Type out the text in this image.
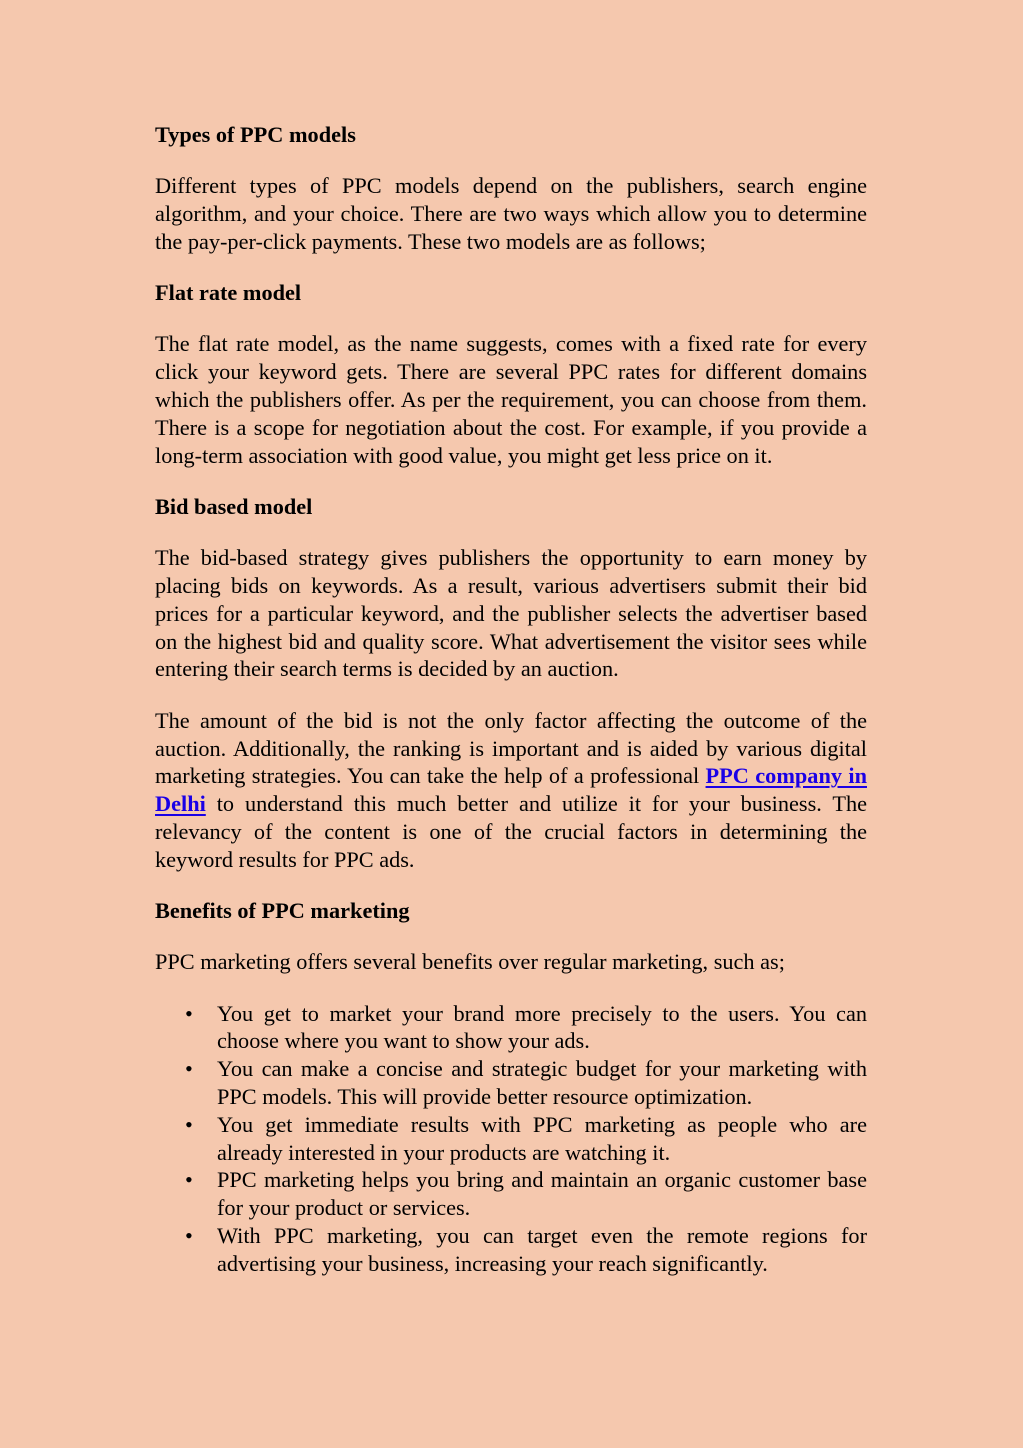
Types of PPC models
Different types of PPC models depend on the publishers, search engine algorithm, and your choice. There are two ways which allow you to determine the pay-per-click payments. These two models are as follows;
Flat rate model
The flat rate model, as the name suggests, comes with a fixed rate for every click your keyword gets. There are several PPC rates for different domains which the publishers offer. As per the requirement, you can choose from them. There is a scope for negotiation about the cost. For example, if you provide a long-term association with good value, you might get less price on it.
Bid based model
The bid-based strategy gives publishers the opportunity to earn money by placing bids on keywords. As a result, various advertisers submit their bid prices for a particular keyword, and the publisher selects the advertiser based on the highest bid and quality score. What advertisement the visitor sees while entering their search terms is decided by an auction.
The amount of the bid is not the only factor affecting the outcome of the auction. Additionally, the ranking is important and is aided by various digital marketing strategies. You can take the help of a professional PPC company in Delhi to understand this much better and utilize it for your business. The relevancy of the content is one of the crucial factors in determining the keyword results for PPC ads.
Benefits of PPC marketing
PPC marketing offers several benefits over regular marketing, such as;
• You get to market your brand more precisely to the users. You can choose where you want to show your ads.
• You can make a concise and strategic budget for your marketing with PPC models. This will provide better resource optimization.
• You get immediate results with PPC marketing as people who are already interested in your products are watching it.
• PPC marketing helps you bring and maintain an organic customer base for your product or services.
• With PPC marketing, you can target even the remote regions for advertising your business, increasing your reach significantly.
